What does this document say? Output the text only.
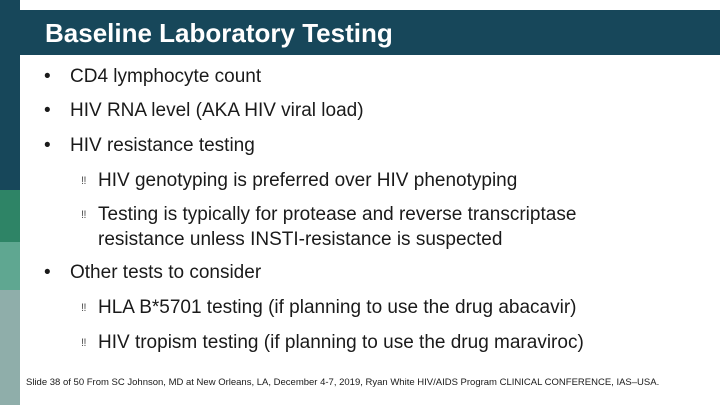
Baseline Laboratory Testing
• CD4 lymphocyte count
• HIV RNA level (AKA HIV viral load)
• HIV resistance testing
‼ HIV genotyping is preferred over HIV phenotyping
‼ Testing is typically for protease and reverse transcriptase resistance unless INSTI-resistance is suspected
• Other tests to consider
‼ HLA B*5701 testing (if planning to use the drug abacavir)
‼ HIV tropism testing (if planning to use the drug maraviroc)
Slide 38 of 50 From SC Johnson, MD at New Orleans, LA, December 4-7, 2019, Ryan White HIV/AIDS Program CLINICAL CONFERENCE, IAS–USA.
